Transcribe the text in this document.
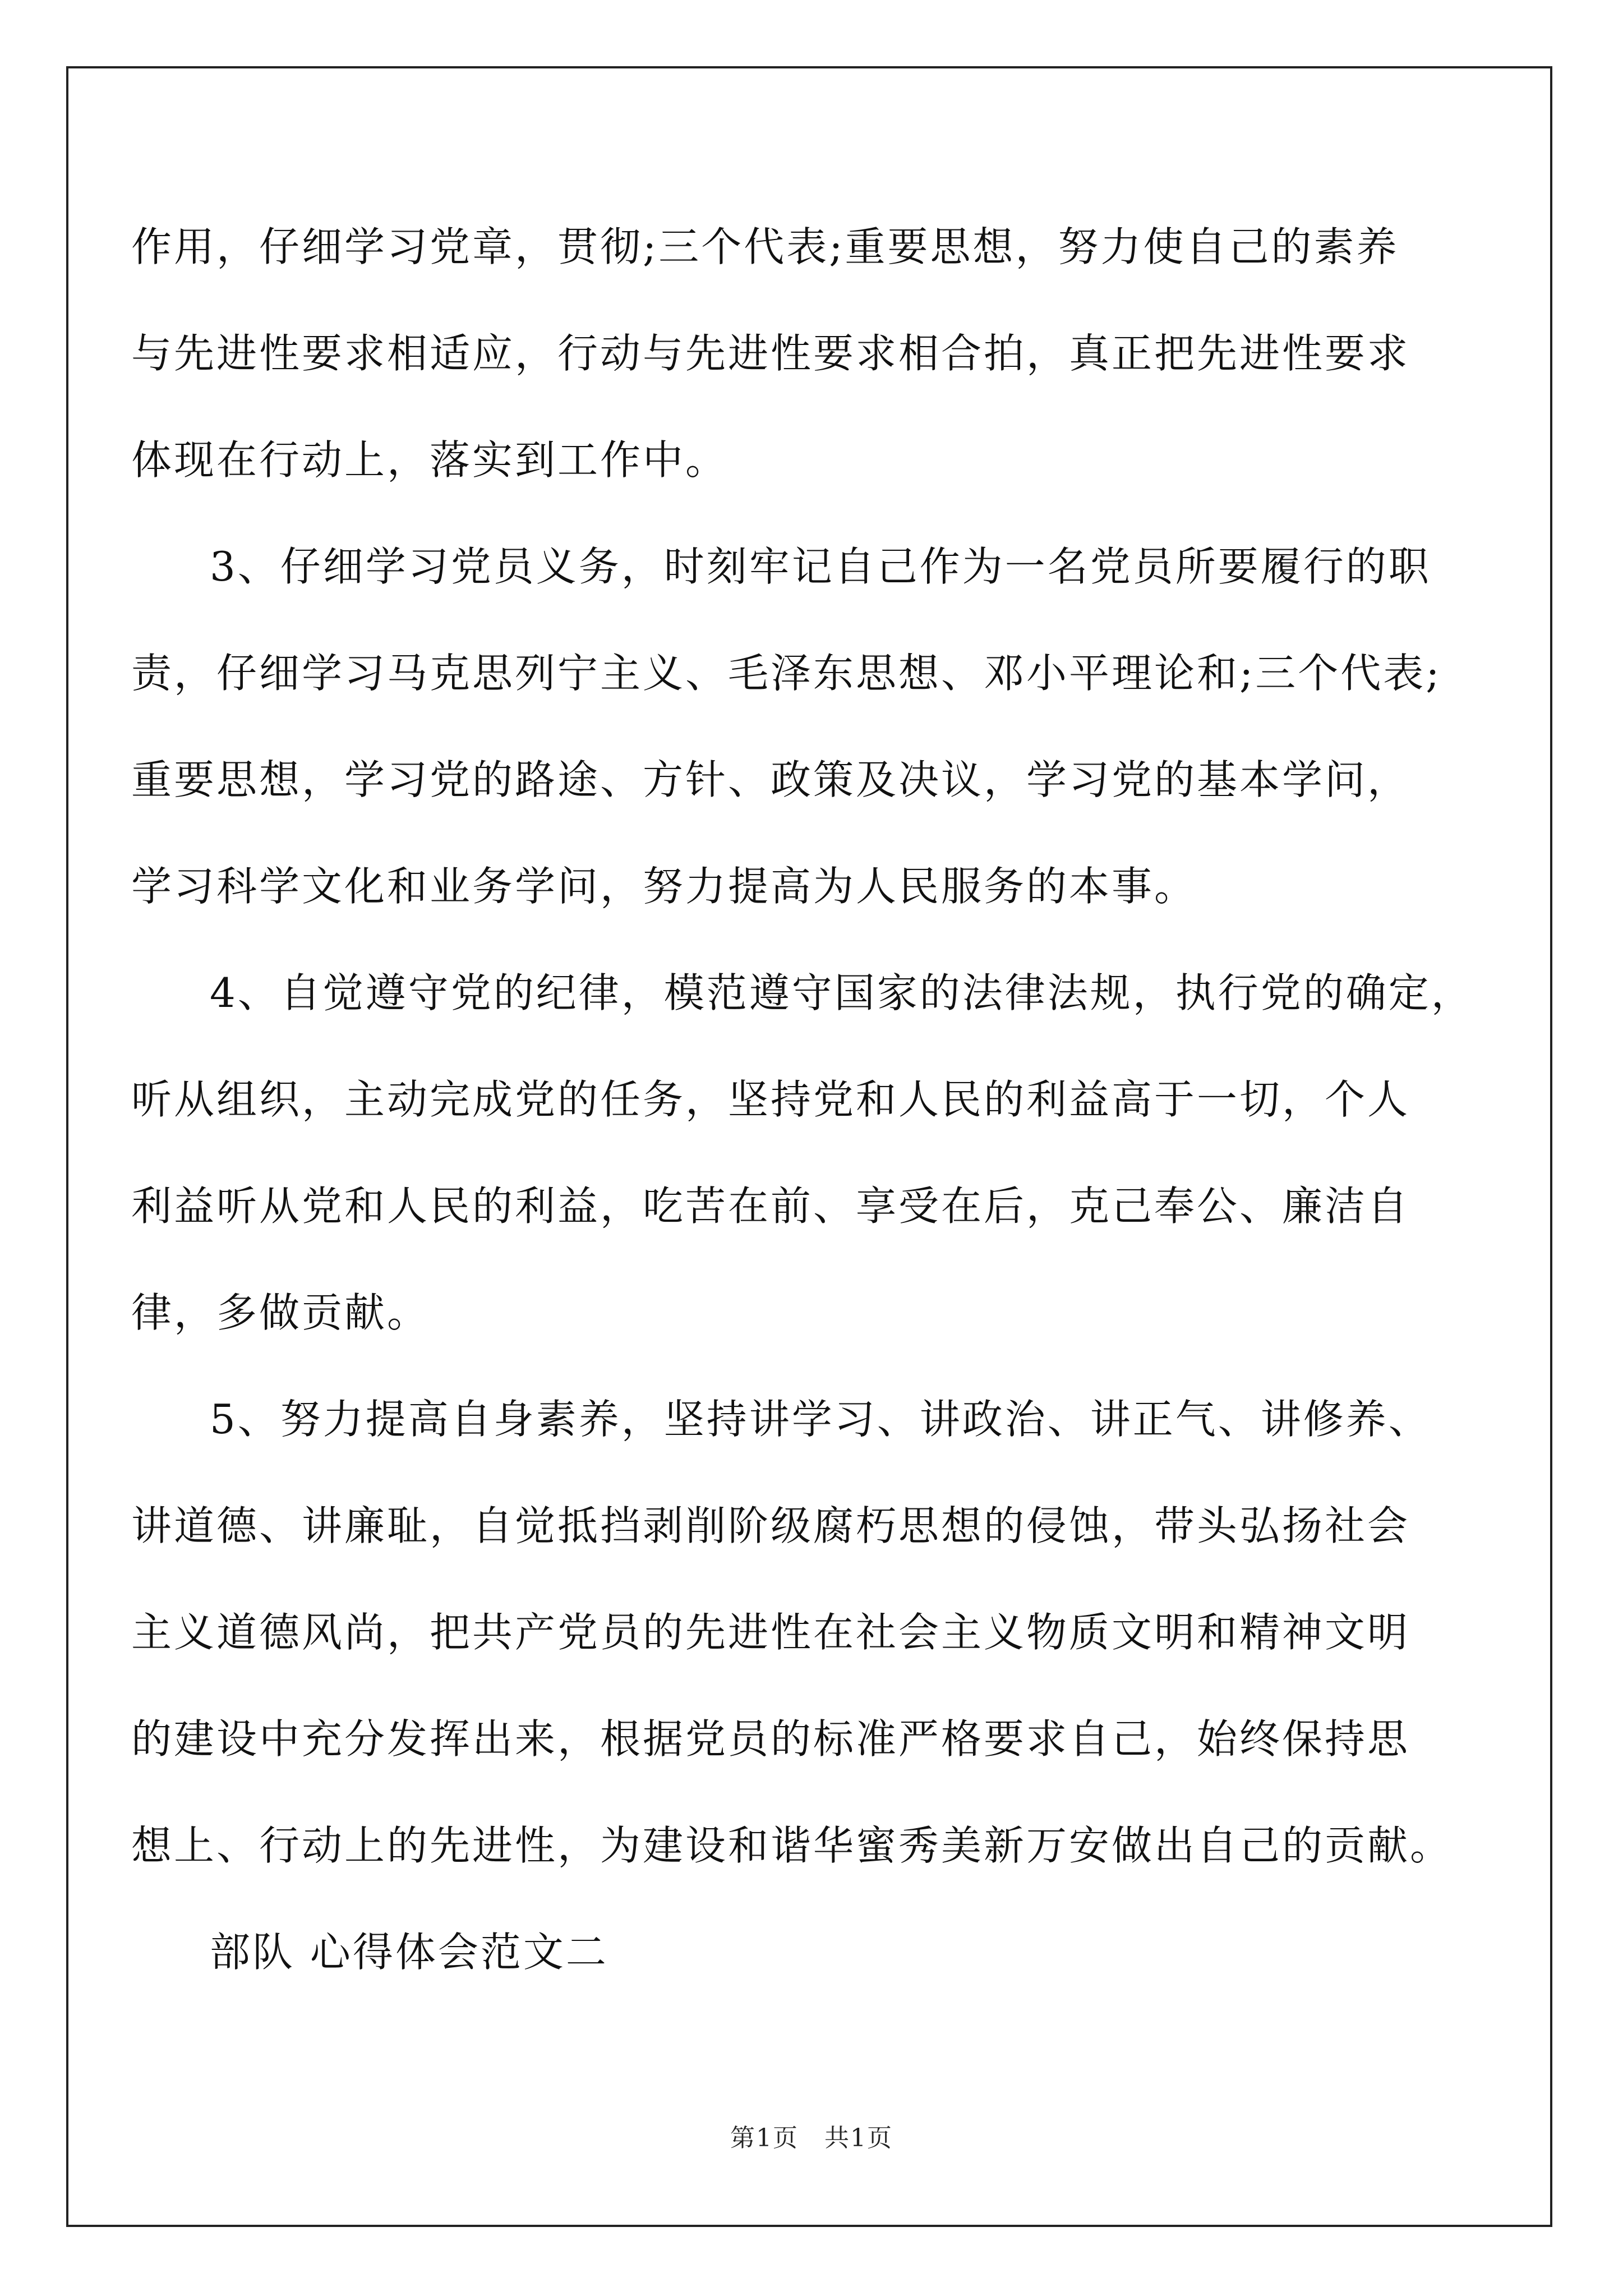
作用，仔细学习党章，贯彻;三个代表;重要思想，努力使自己的素养
与先进性要求相适应，行动与先进性要求相合拍，真正把先进性要求
体现在行动上，落实到工作中。
3、仔细学习党员义务，时刻牢记自己作为一名党员所要履行的职
责，仔细学习马克思列宁主义、毛泽东思想、邓小平理论和;三个代表;
重要思想，学习党的路途、方针、政策及决议，学习党的基本学问，
学习科学文化和业务学问，努力提高为人民服务的本事。
4、自觉遵守党的纪律，模范遵守国家的法律法规，执行党的确定，
听从组织，主动完成党的任务，坚持党和人民的利益高于一切，个人
利益听从党和人民的利益，吃苦在前、享受在后，克己奉公、廉洁自
律，多做贡献。
5、努力提高自身素养，坚持讲学习、讲政治、讲正气、讲修养、
讲道德、讲廉耻，自觉抵挡剥削阶级腐朽思想的侵蚀，带头弘扬社会
主义道德风尚，把共产党员的先进性在社会主义物质文明和精神文明
的建设中充分发挥出来，根据党员的标准严格要求自己，始终保持思
想上、行动上的先进性，为建设和谐华蜜秀美新万安做出自己的贡献。
部队 心得体会范文二
第1页　共1页
